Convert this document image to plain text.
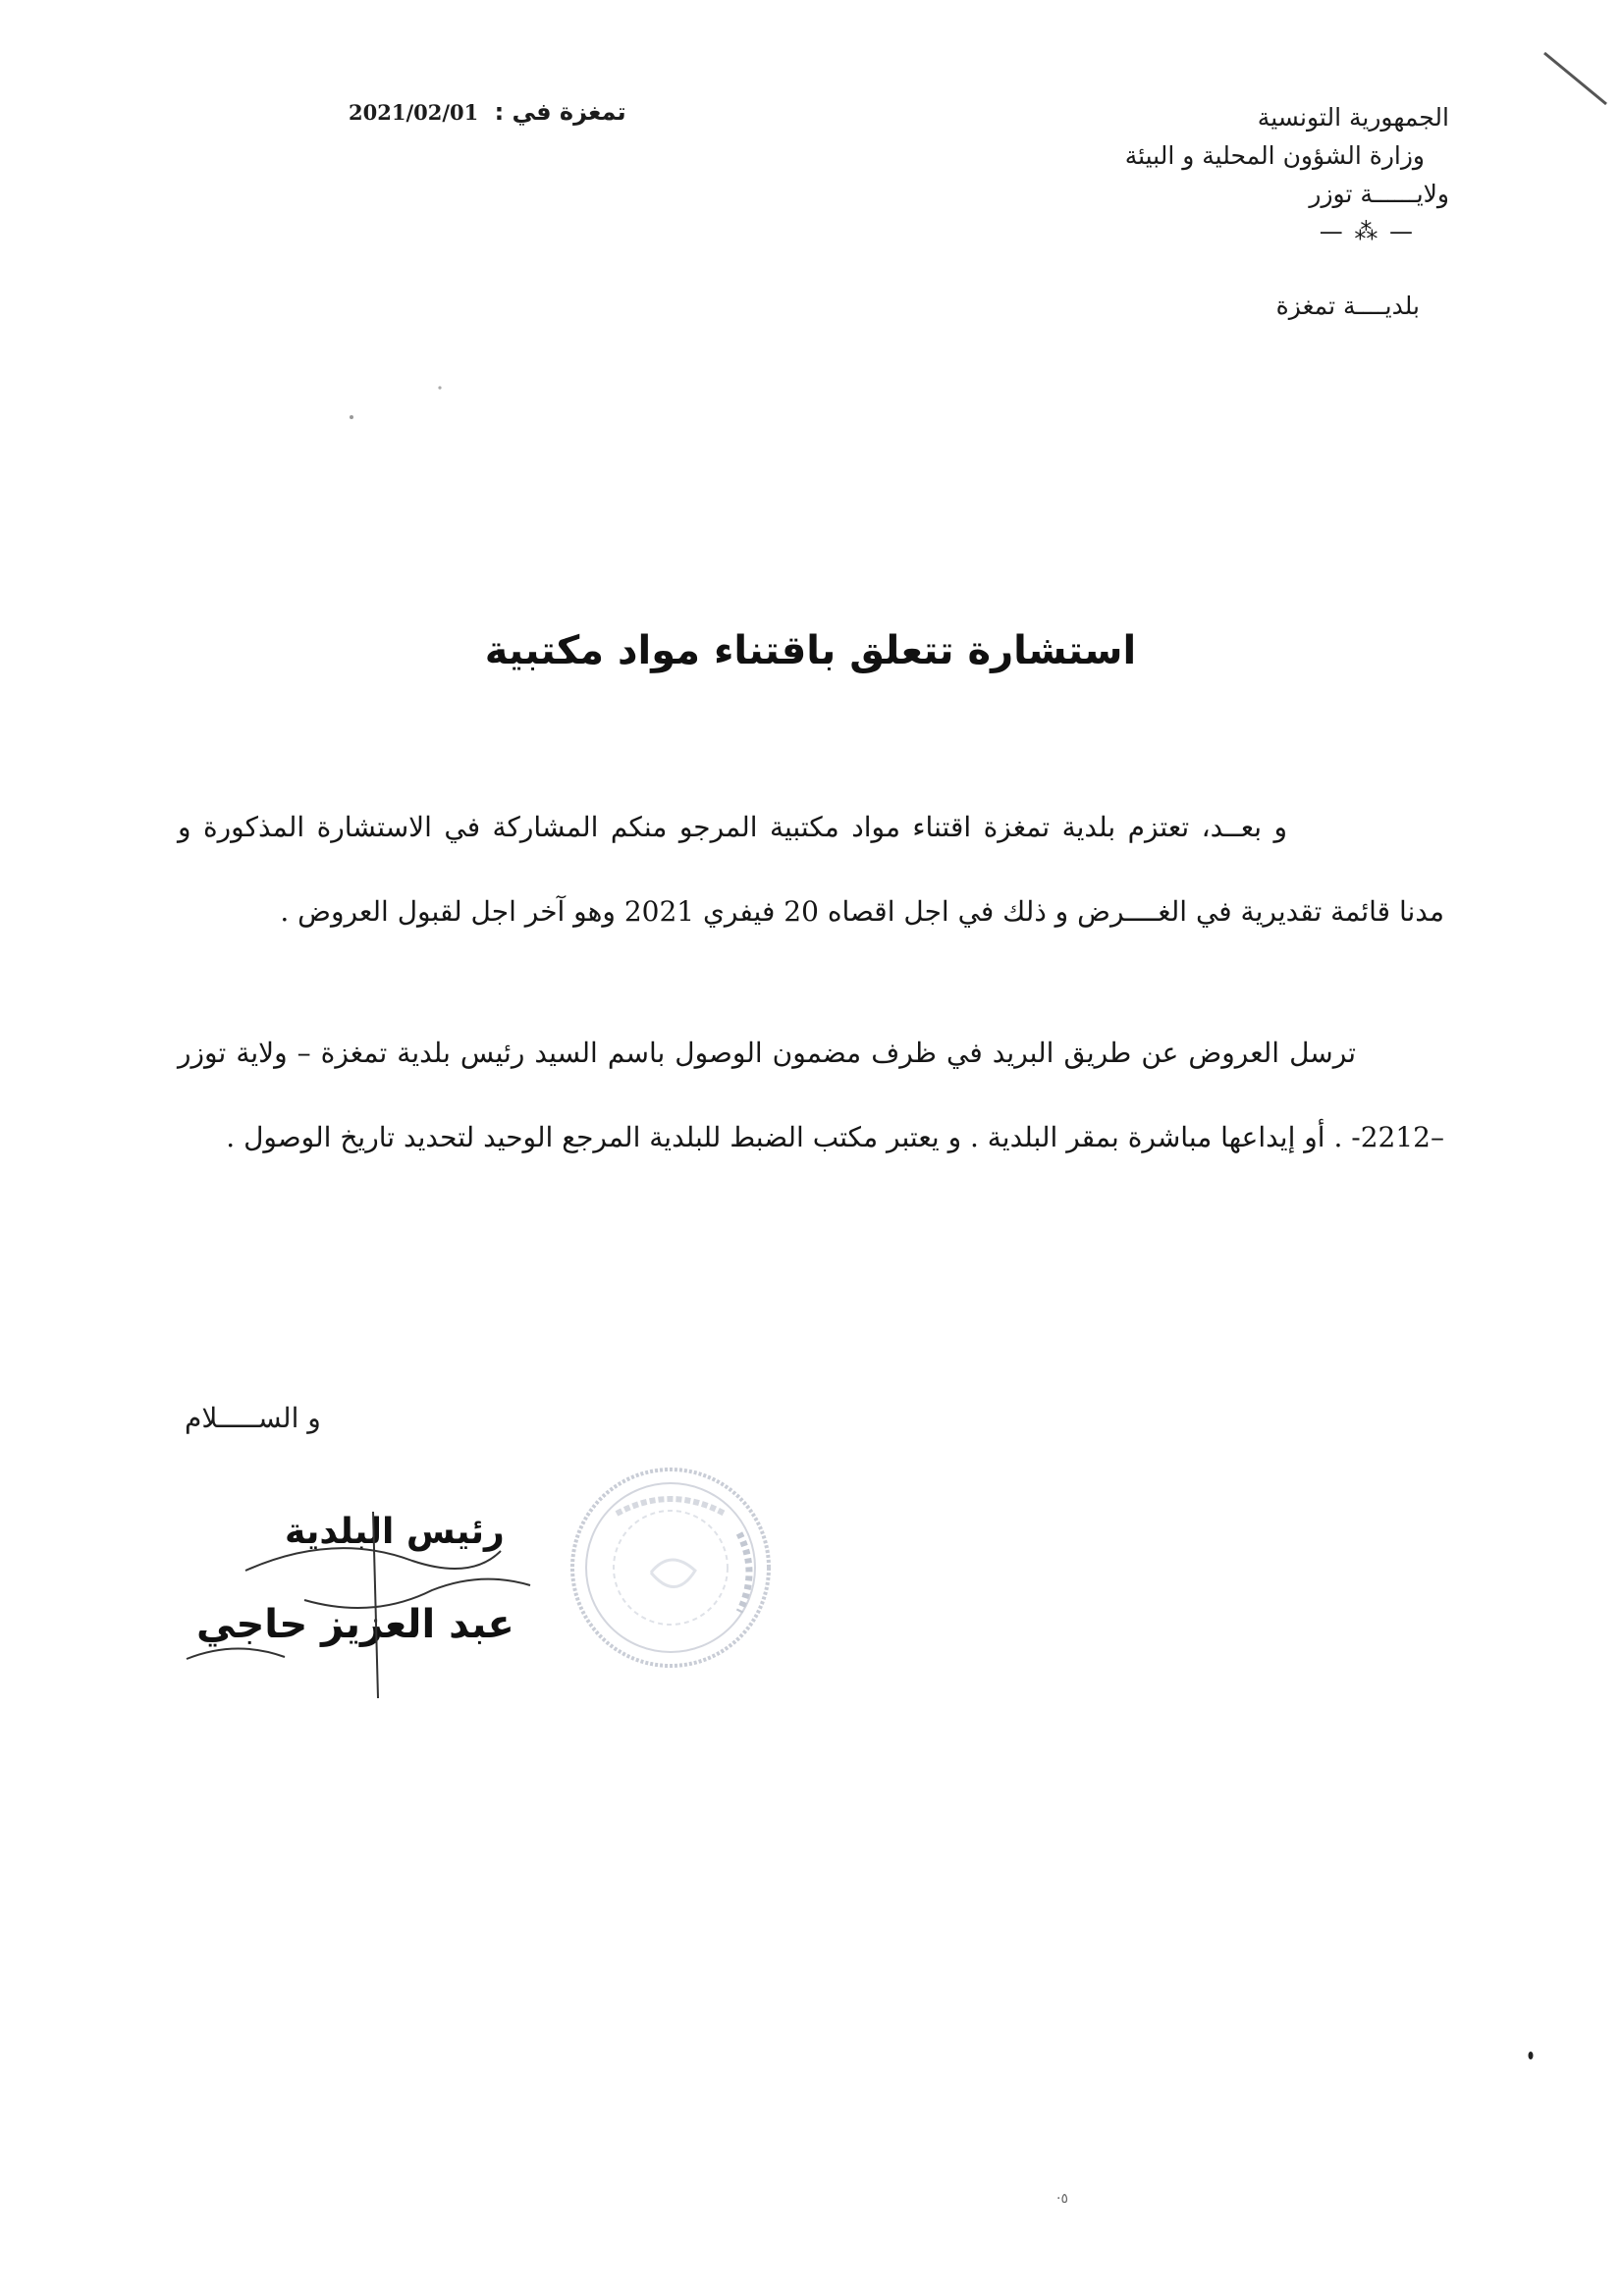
الجمهورية التونسية
وزارة الشؤون المحلية و البيئة
ولايــــــة توزر
— ⁂ —
بلديــــة تمغزة
تمغزة في : 2021/02/01
استشارة تتعلق باقتناء مواد مكتبية
و بعــد، تعتزم بلدية تمغزة اقتناء مواد مكتبية المرجو منكم المشاركة في الاستشارة المذكورة و مدنا قائمة تقديرية في الغــــرض و ذلك في اجل اقصاه 20 فيفري 2021 وهو آخر اجل لقبول العروض .
ترسل العروض عن طريق البريد في ظرف مضمون الوصول باسم السيد رئيس بلدية تمغزة – ولاية توزر –2212- . أو إيداعها مباشرة بمقر البلدية . و يعتبر مكتب الضبط للبلدية المرجع الوحيد لتحديد تاريخ الوصول .
و الســـــلام
رئيس البلدية
عبد العزيز حاجي
·٥
